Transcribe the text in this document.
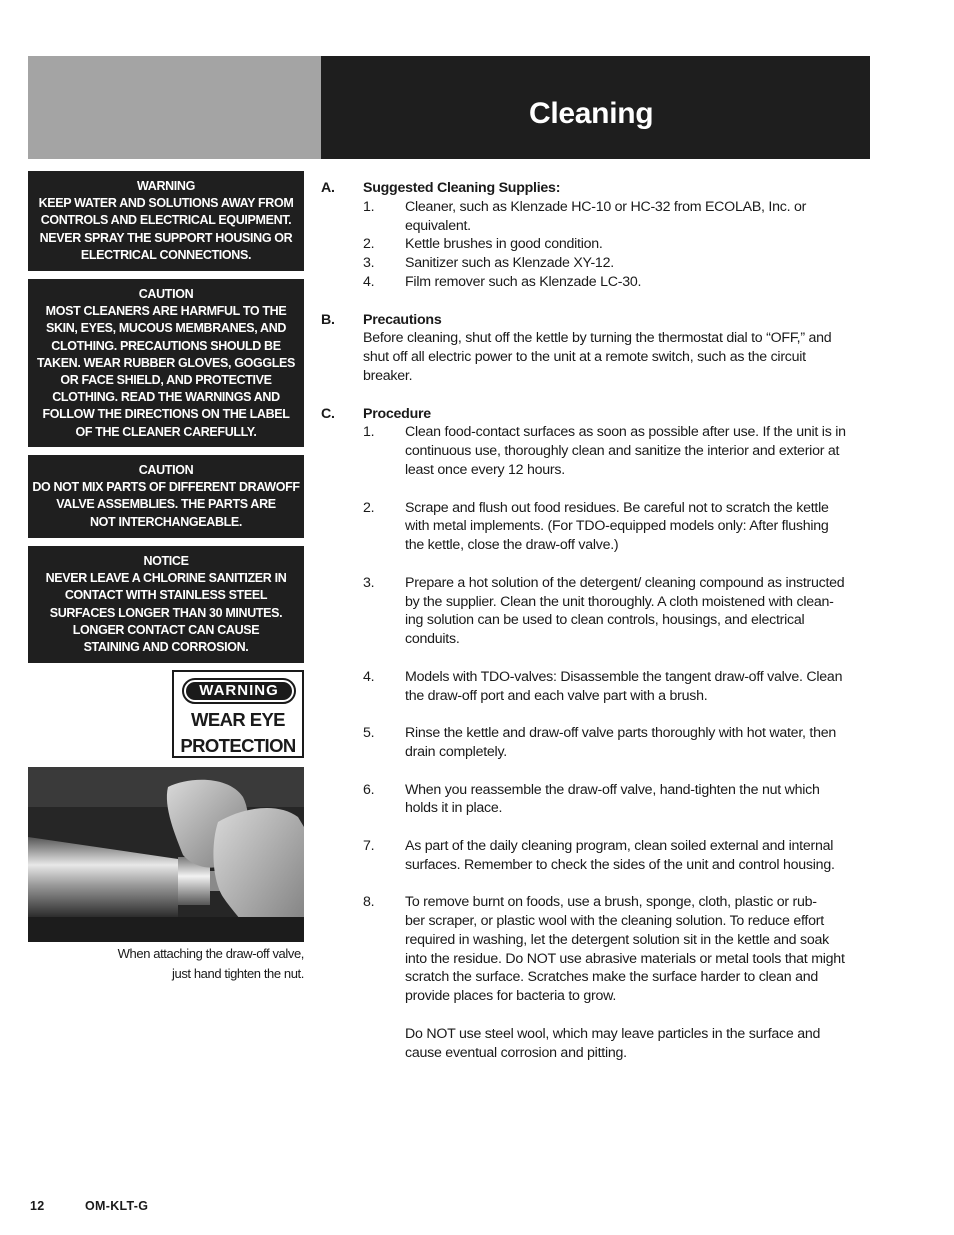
Cleaning
WARNING
KEEP WATER AND SOLUTIONS AWAY FROM
CONTROLS AND ELECTRICAL EQUIPMENT.
NEVER SPRAY THE SUPPORT HOUSING OR
ELECTRICAL CONNECTIONS.
CAUTION
MOST CLEANERS ARE HARMFUL TO THE
SKIN, EYES, MUCOUS MEMBRANES, AND
CLOTHING. PRECAUTIONS SHOULD BE
TAKEN. WEAR RUBBER GLOVES, GOGGLES
OR FACE SHIELD, AND PROTECTIVE
CLOTHING. READ THE WARNINGS AND
FOLLOW THE DIRECTIONS ON THE LABEL
OF THE CLEANER CAREFULLY.
CAUTION
DO NOT MIX PARTS OF DIFFERENT DRAWOFF
VALVE ASSEMBLIES. THE PARTS ARE
NOT INTERCHANGEABLE.
NOTICE
NEVER LEAVE A CHLORINE SANITIZER IN
CONTACT WITH STAINLESS STEEL
SURFACES LONGER THAN 30 MINUTES.
LONGER CONTACT CAN CAUSE
STAINING AND CORROSION.
WARNING
WEAR EYE
PROTECTION
When attaching the draw-off valve,
just hand tighten the nut.
A. Suggested Cleaning Supplies:
1. Cleaner, such as Klenzade HC-10 or HC-32 from ECOLAB, Inc. or
equivalent.
2. Kettle brushes in good condition.
3. Sanitizer such as Klenzade XY-12.
4. Film remover such as Klenzade LC-30.
B. Precautions
Before cleaning, shut off the kettle by turning the thermostat dial to “OFF,” and
shut off all electric power to the unit at a remote switch, such as the circuit
breaker.
C. Procedure
1. Clean food-contact surfaces as soon as possible after use. If the unit is in
continuous use, thoroughly clean and sanitize the interior and exterior at
least once every 12 hours.
2. Scrape and flush out food residues. Be careful not to scratch the kettle
with metal implements. (For TDO-equipped models only: After flushing
the kettle, close the draw-off valve.)
3. Prepare a hot solution of the detergent/ cleaning compound as instructed
by the supplier. Clean the unit thoroughly. A cloth moistened with clean-
ing solution can be used to clean controls, housings, and electrical
conduits.
4. Models with TDO-valves: Disassemble the tangent draw-off valve. Clean
the draw-off port and each valve part with a brush.
5. Rinse the kettle and draw-off valve parts thoroughly with hot water, then
drain completely.
6. When you reassemble the draw-off valve, hand-tighten the nut which
holds it in place.
7. As part of the daily cleaning program, clean soiled external and internal
surfaces. Remember to check the sides of the unit and control housing.
8. To remove burnt on foods, use a brush, sponge, cloth, plastic or rub-
ber scraper, or plastic wool with the cleaning solution. To reduce effort
required in washing, let the detergent solution sit in the kettle and soak
into the residue. Do NOT use abrasive materials or metal tools that might
scratch the surface. Scratches make the surface harder to clean and
provide places for bacteria to grow.
Do NOT use steel wool, which may leave particles in the surface and
cause eventual corrosion and pitting.
12	OM-KLT-G
